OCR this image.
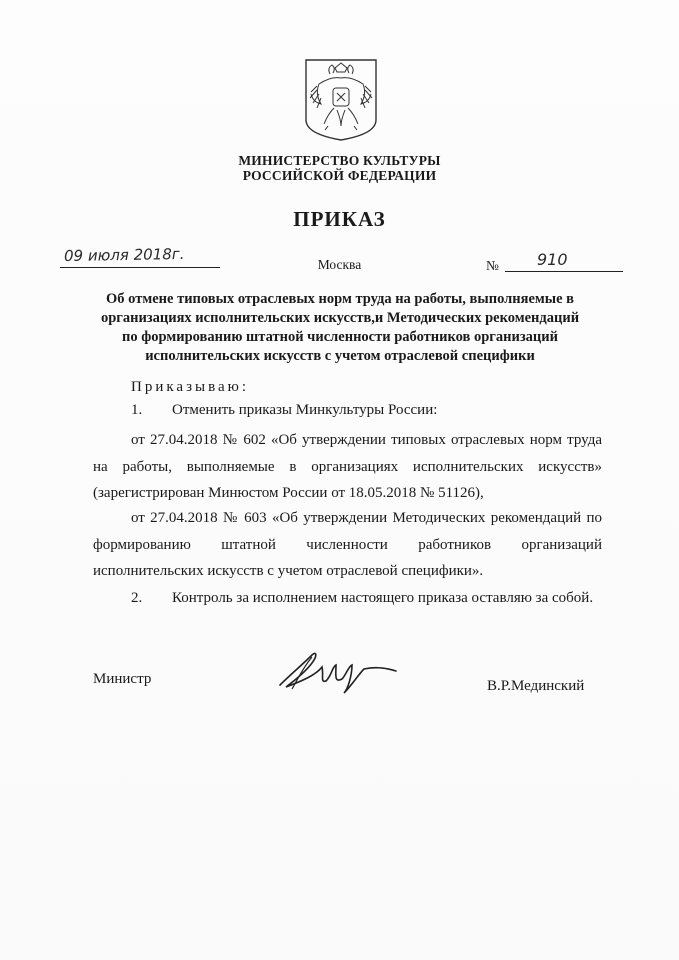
МИНИСТЕРСТВО КУЛЬТУРЫ
РОССИЙСКОЙ ФЕДЕРАЦИИ
ПРИКАЗ
09 июля 2018г.	Москва	№ 910
Об отмене типовых отраслевых норм труда на работы, выполняемые в
организациях исполнительских искусств,и Методических рекомендаций
по формированию штатной численности работников организаций
исполнительских искусств с учетом отраслевой специфики
Приказываю:
1. Отменить приказы Минкультуры России:
от 27.04.2018 № 602 «Об утверждении типовых отраслевых норм труда
на работы, выполняемые в организациях исполнительских искусств»
(зарегистрирован Минюстом России от 18.05.2018 № 51126),
от 27.04.2018 № 603 «Об утверждении Методических рекомендаций по
формированию штатной численности работников организаций
исполнительских искусств с учетом отраслевой специфики».
2. Контроль за исполнением настоящего приказа оставляю за собой.
Министр	В.Р.Мединский
